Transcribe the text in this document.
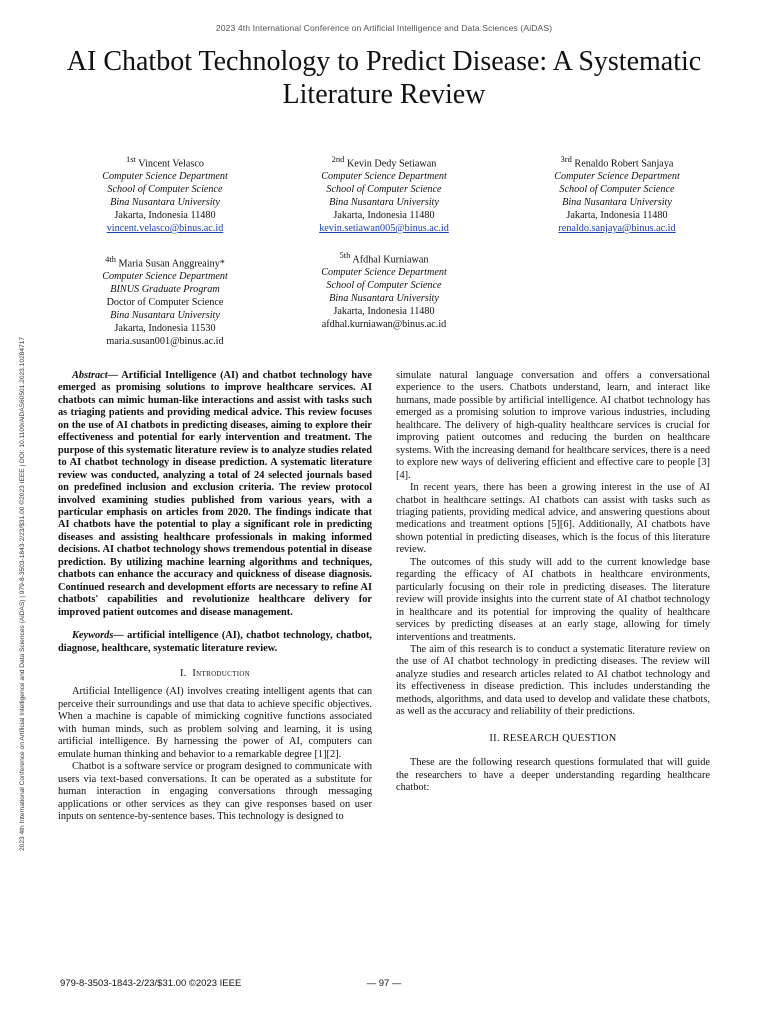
2023 4th International Conference on Artificial Intelligence and Data Sciences (AiDAS)
AI Chatbot Technology to Predict Disease: A Systematic Literature Review
$^{1st}$ Vincent Velasco
Computer Science Department
School of Computer Science
Bina Nusantara University
Jakarta, Indonesia 11480
vincent.velasco@binus.ac.id
$^{2nd}$ Kevin Dedy Setiawan
Computer Science Department
School of Computer Science
Bina Nusantara University
Jakarta, Indonesia 11480
kevin.setiawan005@binus.ac.id
$^{3rd}$ Renaldo Robert Sanjaya
Computer Science Department
School of Computer Science
Bina Nusantara University
Jakarta, Indonesia 11480
renaldo.sanjaya@binus.ac.id
$^{4th}$ Maria Susan Anggreainy*
Computer Science Department
BINUS Graduate Program
Doctor of Computer Science
Bina Nusantara University
Jakarta, Indonesia 11530
maria.susan001@binus.ac.id
$^{5th}$ Afdhal Kurniawan
Computer Science Department
School of Computer Science
Bina Nusantara University
Jakarta, Indonesia 11480
afdhal.kurniawan@binus.ac.id
2023 4th International Conference on Artificial Intelligence and Data Sciences (AiDAS) | 979-8-3503-1843-2/23/$31.00 ©2023 IEEE | DOI: 10.1109/AiDAS60501.2023.10284717	Abstract— Artificial Intelligence (AI) and chatbot technology have emerged as promising solutions to improve healthcare services. AI chatbots can mimic human-like interactions and assist with tasks such as triaging patients and providing medical advice. This review focuses on the use of AI chatbots in predicting diseases, aiming to explore their effectiveness and potential for early intervention and treatment. The purpose of this systematic literature review is to analyze studies related to AI chatbot technology in disease prediction. A systematic literature review was conducted, analyzing a total of 24 selected journals based on predefined inclusion and exclusion criteria. The review protocol involved examining studies published from various years, with a particular emphasis on articles from 2020. The findings indicate that AI chatbots have the potential to play a significant role in predicting diseases and assisting healthcare professionals in making informed decisions. AI chatbot technology shows tremendous potential in disease prediction. By utilizing machine learning algorithms and techniques, chatbots can enhance the accuracy and quickness of disease diagnosis. Continued research and development efforts are necessary to refine AI chatbots' capabilities and revolutionize healthcare delivery for improved patient outcomes and disease management.

Keywords— artificial intelligence (AI), chatbot technology, chatbot, diagnose, healthcare, systematic literature review.

I. Introduction

Artificial Intelligence (AI) involves creating intelligent agents that can perceive their surroundings and use that data to achieve specific objectives. When a machine is capable of mimicking cognitive functions associated with human minds, such as problem solving and learning, it is using artificial intelligence. By harnessing the power of AI, computers can emulate human thinking and behavior to a remarkable degree [1][2].

Chatbot is a software service or program designed to communicate with users via text-based conversations. It can be operated as a substitute for human interaction in engaging conversations through messaging applications or other services as they can give responses based on user inputs on sentence-by-sentence bases. This technology is designed to

simulate natural language conversation and offers a conversational experience to the users. Chatbots understand, learn, and interact like humans, made possible by artificial intelligence. AI chatbot technology has emerged as a promising solution to improve various industries, including healthcare. The delivery of high-quality healthcare services is crucial for improving patient outcomes and reducing the burden on healthcare systems. With the increasing demand for healthcare services, there is a need to explore new ways of delivering efficient and effective care to people [3][4].

In recent years, there has been a growing interest in the use of AI chatbot in healthcare settings. AI chatbots can assist with tasks such as triaging patients, providing medical advice, and answering questions about medications and treatment options [5][6]. Additionally, AI chatbots have shown potential in predicting diseases, which is the focus of this literature review.

The outcomes of this study will add to the current knowledge base regarding the efficacy of AI chatbots in healthcare environments, particularly focusing on their role in predicting diseases. The literature review will provide insights into the current state of AI chatbot technology in healthcare and its potential for improving the quality of healthcare services by predicting diseases at an early stage, allowing for timely interventions and treatments.

The aim of this research is to conduct a systematic literature review on the use of AI chatbot technology in predicting diseases. The review will analyze studies and research articles related to AI chatbot technology and its effectiveness in disease prediction. This includes understanding the methods, algorithms, and data used to develop and validate these chatbots, as well as the accuracy and reliability of their predictions.

II. RESEARCH QUESTION

These are the following research questions formulated that will guide the researchers to have a deeper understanding regarding healthcare chatbot:

979-8-3503-1843-2/23/$31.00 ©2023 IEEE	— 97 —
